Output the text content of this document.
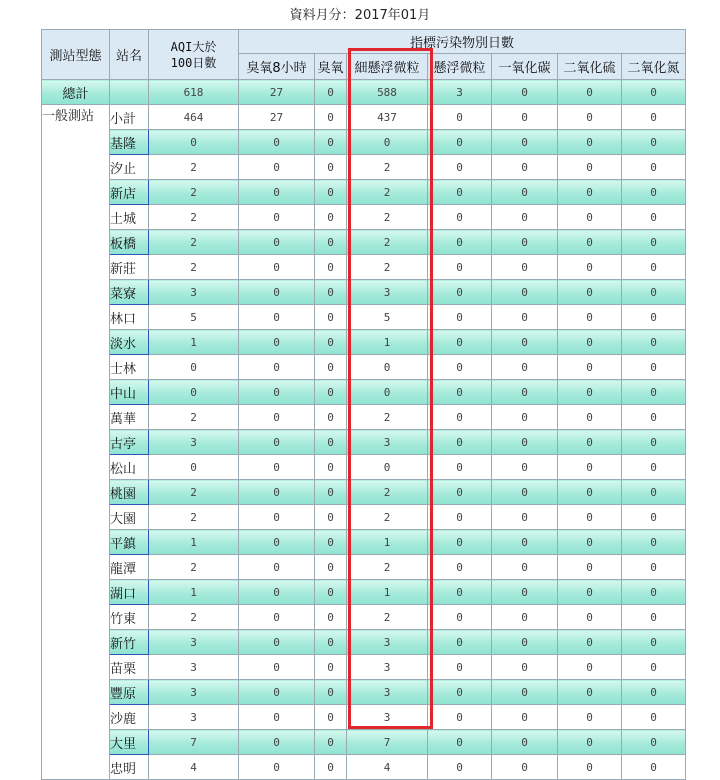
資料月分：2017年01月
測站型態	站名	AQI大於
100日數	指標污染物別日數						
			臭氧8小時	臭氧	細懸浮微粒	懸浮微粒	一氧化碳	二氧化硫	二氧化氮
總計		618	27	0	588	3	0	0	0
一般測站	小計	464	27	0	437	0	0	0	0
	基隆	0	0	0	0	0	0	0	0
	汐止	2	0	0	2	0	0	0	0
	新店	2	0	0	2	0	0	0	0
	土城	2	0	0	2	0	0	0	0
	板橋	2	0	0	2	0	0	0	0
	新莊	2	0	0	2	0	0	0	0
	菜寮	3	0	0	3	0	0	0	0
	林口	5	0	0	5	0	0	0	0
	淡水	1	0	0	1	0	0	0	0
	士林	0	0	0	0	0	0	0	0
	中山	0	0	0	0	0	0	0	0
	萬華	2	0	0	2	0	0	0	0
	古亭	3	0	0	3	0	0	0	0
	松山	0	0	0	0	0	0	0	0
	桃園	2	0	0	2	0	0	0	0
	大園	2	0	0	2	0	0	0	0
	平鎮	1	0	0	1	0	0	0	0
	龍潭	2	0	0	2	0	0	0	0
	湖口	1	0	0	1	0	0	0	0
	竹東	2	0	0	2	0	0	0	0
	新竹	3	0	0	3	0	0	0	0
	苗栗	3	0	0	3	0	0	0	0
	豐原	3	0	0	3	0	0	0	0
	沙鹿	3	0	0	3	0	0	0	0
	大里	7	0	0	7	0	0	0	0
	忠明	4	0	0	4	0	0	0	0
